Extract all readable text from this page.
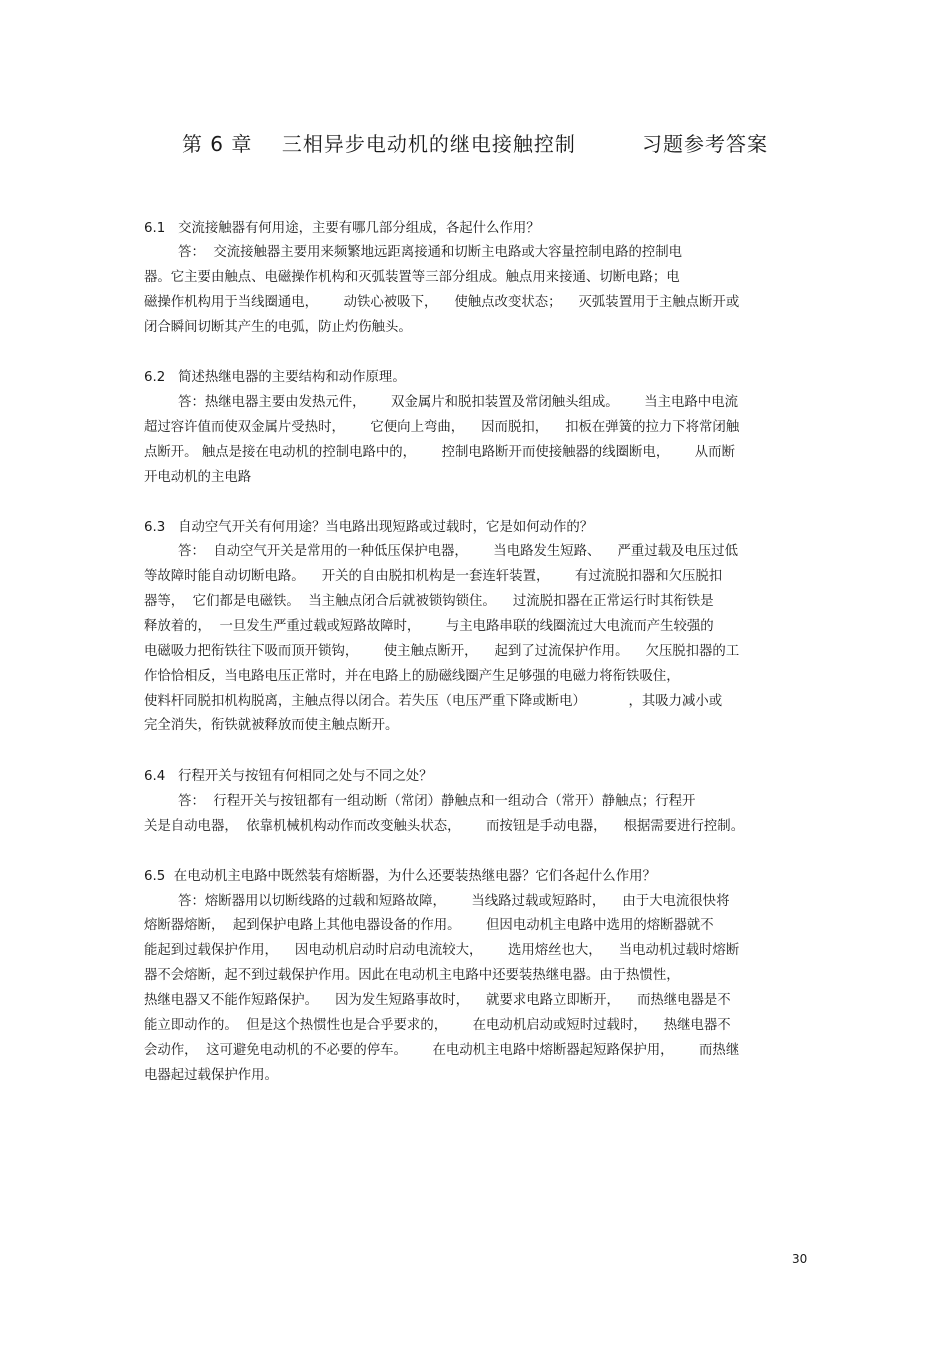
第 6 章    三相异步电动机的继电接触控制         习题参考答案
6.1   交流接触器有何用途，主要有哪几部分组成，各起什么作用？
答：  交流接触器主要用来频繁地远距离接通和切断主电路或大容量控制电路的控制电
器。它主要由触点、电磁操作机构和灭弧装置等三部分组成。触点用来接通、切断电路；电
磁操作机构用于当线圈通电，      动铁心被吸下，    使触点改变状态；    灭弧装置用于主触点断开或
闭合瞬间切断其产生的电弧，防止灼伤触头。
6.2   简述热继电器的主要结构和动作原理。
答：热继电器主要由发热元件，      双金属片和脱扣装置及常闭触头组成。      当主电路中电流
超过容许值而使双金属片受热时，      它便向上弯曲，    因而脱扣，    扣板在弹簧的拉力下将常闭触
点断开。 触点是接在电动机的控制电路中的，      控制电路断开而使接触器的线圈断电，      从而断
开电动机的主电路
6.3   自动空气开关有何用途？当电路出现短路或过载时，它是如何动作的？
答：  自动空气开关是常用的一种低压保护电器，      当电路发生短路、    严重过载及电压过低
等故障时能自动切断电路。    开关的自由脱扣机构是一套连轩装置，      有过流脱扣器和欠压脱扣
器等，  它们都是电磁铁。  当主触点闭合后就被锁钩锁住。    过流脱扣器在正常运行时其衔铁是
释放着的，  一旦发生严重过载或短路故障时，      与主电路串联的线圈流过大电流而产生较强的
电磁吸力把衔铁往下吸而顶开锁钩，      使主触点断开，    起到了过流保护作用。    欠压脱扣器的工
作恰恰相反，当电路电压正常时，并在电路上的励磁线圈产生足够强的电磁力将衔铁吸住，
使料杆同脱扣机构脱离，主触点得以闭合。若失压（电压严重下降或断电）          ，其吸力减小或
完全消失，衔铁就被释放而使主触点断开。
6.4   行程开关与按钮有何相同之处与不同之处？
答：  行程开关与按钮都有一组动断（常闭）静触点和一组动合（常开）静触点；行程开
关是自动电器，  依靠机械机构动作而改变触头状态，      而按钮是手动电器，    根据需要进行控制。
6.5  在电动机主电路中既然装有熔断器，为什么还要装热继电器？它们各起什么作用？
答：熔断器用以切断线路的过载和短路故障，      当线路过载或短路时，    由于大电流很快将
熔断器熔断，  起到保护电路上其他电器设备的作用。      但因电动机主电路中选用的熔断器就不
能起到过载保护作用，    因电动机启动时启动电流较大，      选用熔丝也大，    当电动机过载时熔断
器不会熔断，起不到过载保护作用。因此在电动机主电路中还要装热继电器。由于热惯性，
热继电器又不能作短路保护。    因为发生短路事故时，    就要求电路立即断开，    而热继电器是不
能立即动作的。  但是这个热惯性也是合乎要求的，      在电动机启动或短时过载时，    热继电器不
会动作，  这可避免电动机的不必要的停车。      在电动机主电路中熔断器起短路保护用，      而热继
电器起过载保护作用。
30
